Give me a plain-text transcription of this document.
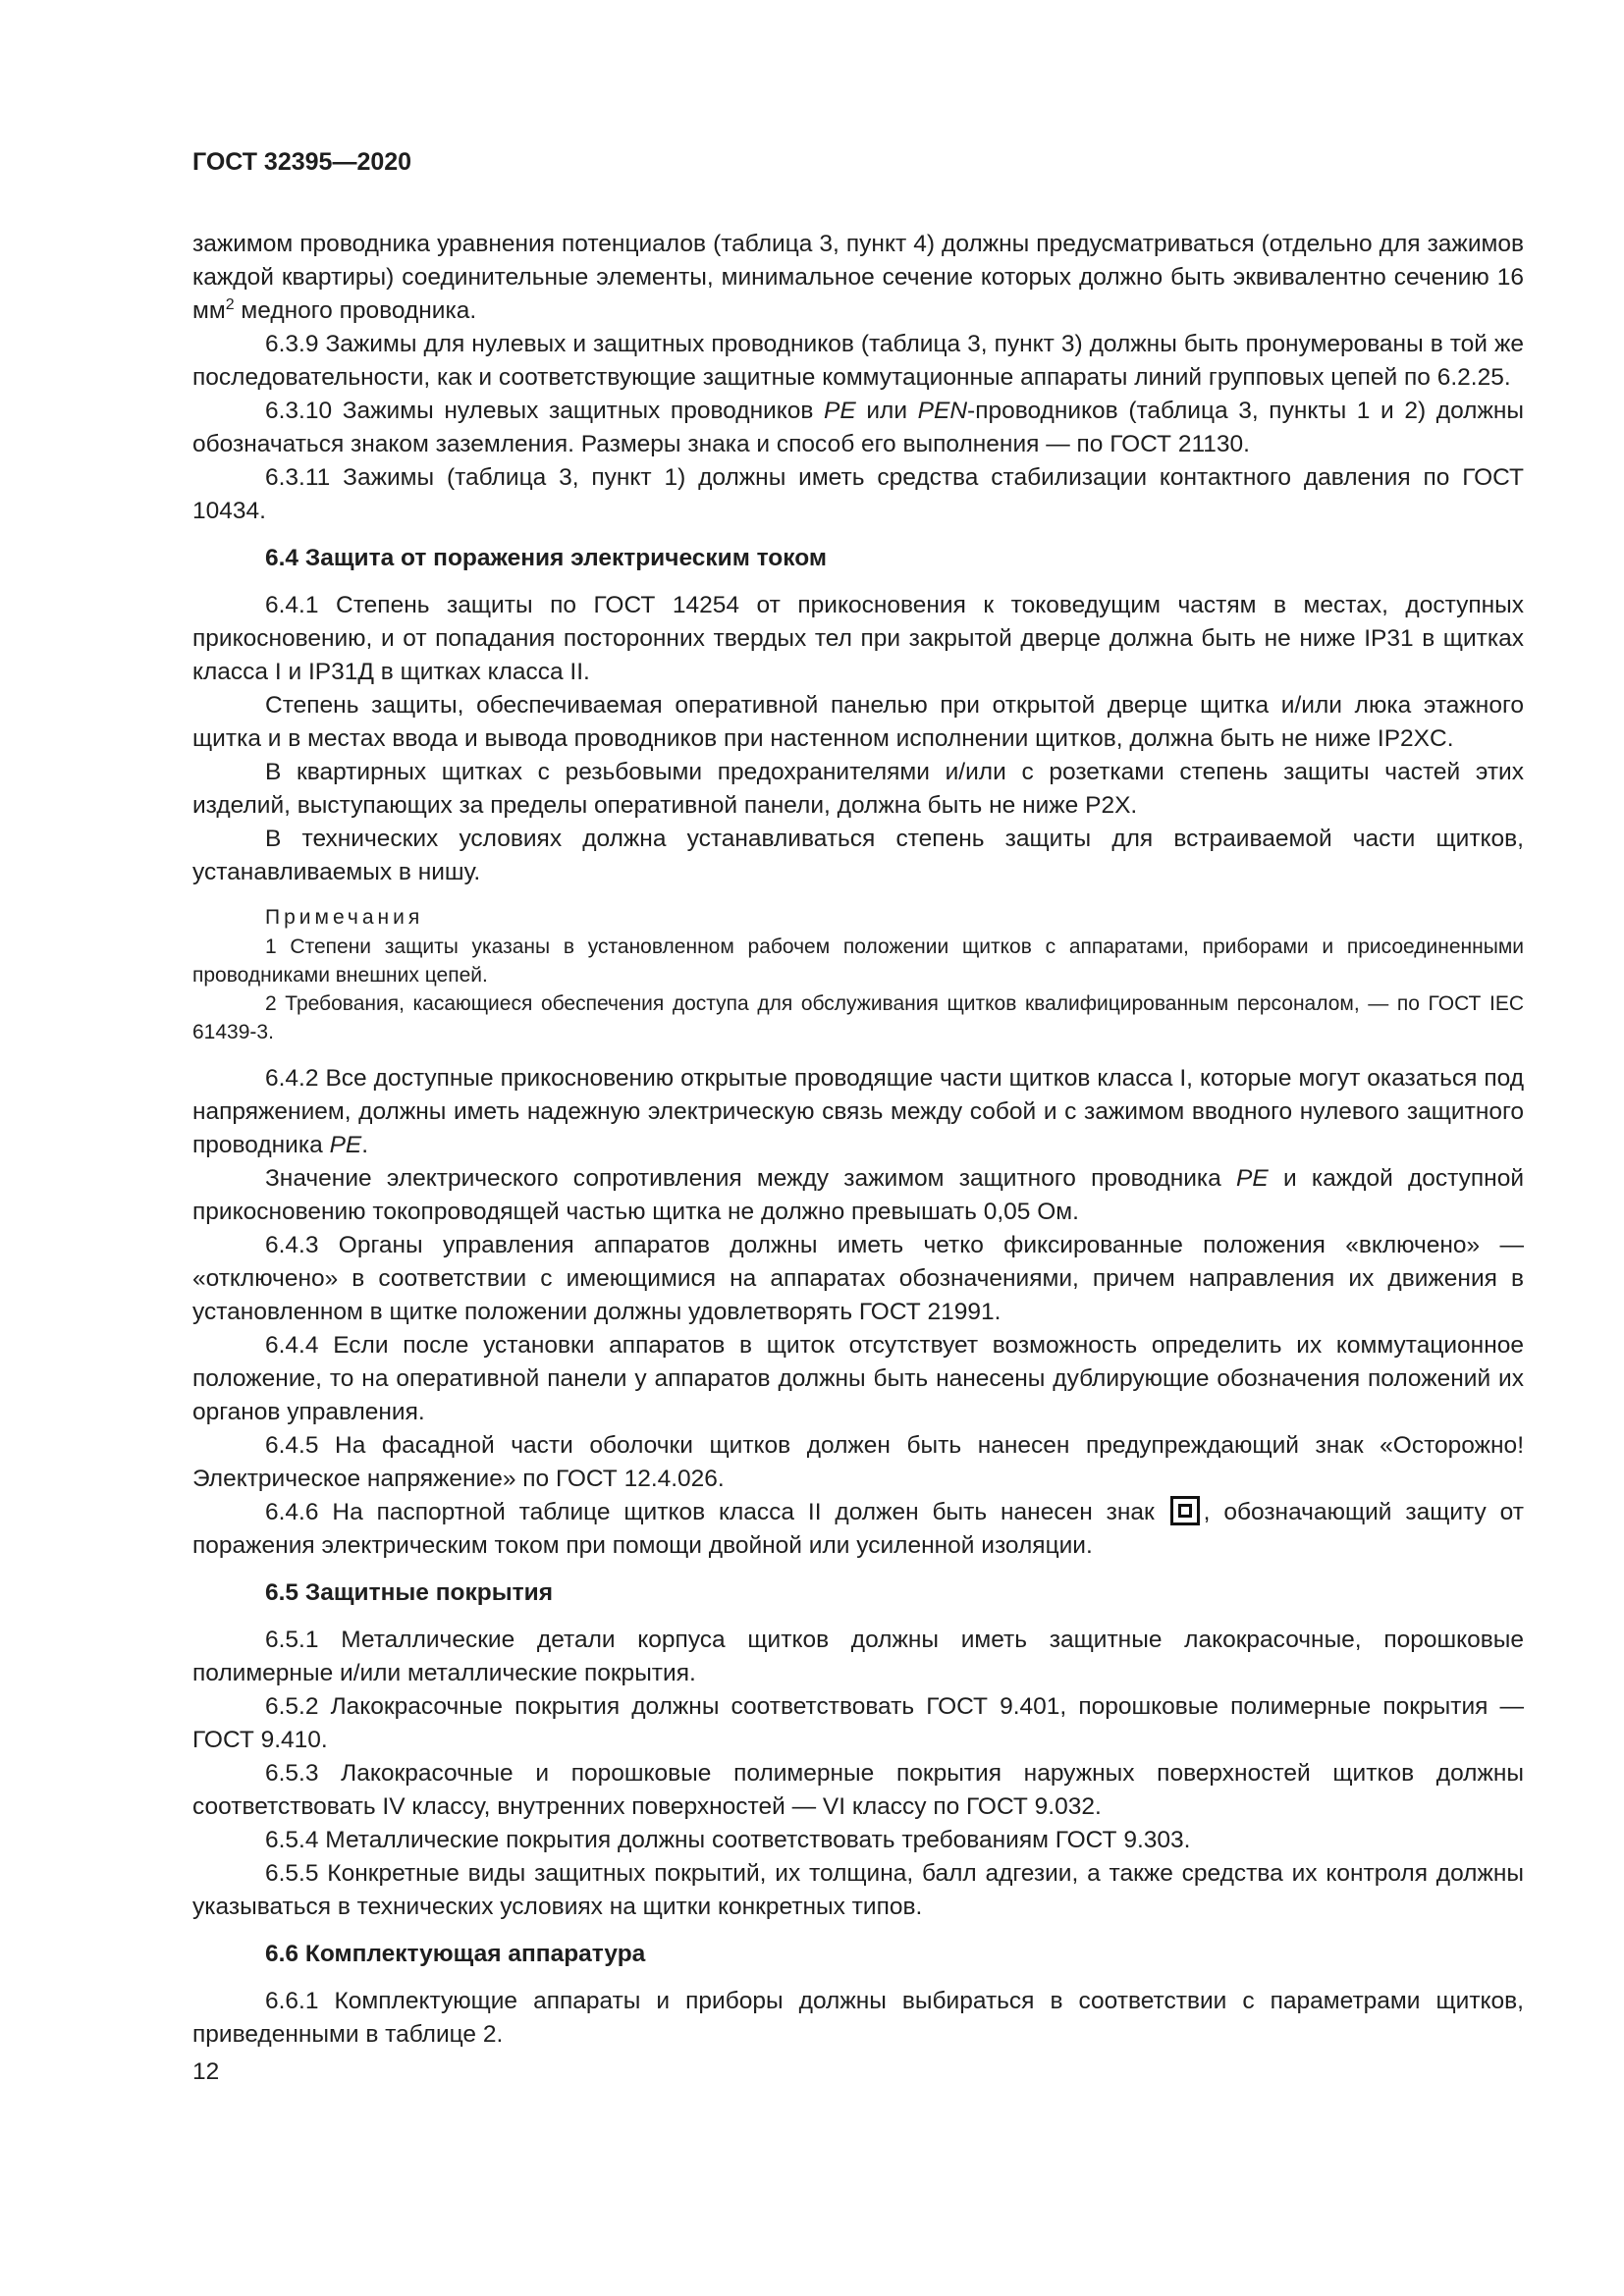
ГОСТ 32395—2020

зажимом проводника уравнения потенциалов (таблица 3, пункт 4) должны предусматриваться (отдельно для зажимов каждой квартиры) соединительные элементы, минимальное сечение которых должно быть эквивалентно сечению 16 $мм^2$ медного проводника.

6.3.9 Зажимы для нулевых и защитных проводников (таблица 3, пункт 3) должны быть пронумерованы в той же последовательности, как и соответствующие защитные коммутационные аппараты линий групповых цепей по 6.2.25.

6.3.10 Зажимы нулевых защитных проводников PE или PEN-проводников (таблица 3, пункты 1 и 2) должны обозначаться знаком заземления. Размеры знака и способ его выполнения — по ГОСТ 21130.

6.3.11 Зажимы (таблица 3, пункт 1) должны иметь средства стабилизации контактного давления по ГОСТ 10434.

6.4 Защита от поражения электрическим током

6.4.1 Степень защиты по ГОСТ 14254 от прикосновения к токоведущим частям в местах, доступных прикосновению, и от попадания посторонних твердых тел при закрытой дверце должна быть не ниже IP31 в щитках класса I и IP31Д в щитках класса II.

Степень защиты, обеспечиваемая оперативной панелью при открытой дверце щитка и/или люка этажного щитка и в местах ввода и вывода проводников при настенном исполнении щитков, должна быть не ниже IP2XC.

В квартирных щитках с резьбовыми предохранителями и/или с розетками степень защиты частей этих изделий, выступающих за пределы оперативной панели, должна быть не ниже Р2Х.

В технических условиях должна устанавливаться степень защиты для встраиваемой части щитков, устанавливаемых в нишу.

Примечания

1 Степени защиты указаны в установленном рабочем положении щитков с аппаратами, приборами и присоединенными проводниками внешних цепей.

2 Требования, касающиеся обеспечения доступа для обслуживания щитков квалифицированным персоналом, — по ГОСТ IEC 61439-3.

6.4.2 Все доступные прикосновению открытые проводящие части щитков класса I, которые могут оказаться под напряжением, должны иметь надежную электрическую связь между собой и с зажимом вводного нулевого защитного проводника PE.

Значение электрического сопротивления между зажимом защитного проводника PE и каждой доступной прикосновению токопроводящей частью щитка не должно превышать 0,05 Ом.

6.4.3 Органы управления аппаратов должны иметь четко фиксированные положения «включено» — «отключено» в соответствии с имеющимися на аппаратах обозначениями, причем направления их движения в установленном в щитке положении должны удовлетворять ГОСТ 21991.

6.4.4 Если после установки аппаратов в щиток отсутствует возможность определить их коммутационное положение, то на оперативной панели у аппаратов должны быть нанесены дублирующие обозначения положений их органов управления.

6.4.5 На фасадной части оболочки щитков должен быть нанесен предупреждающий знак «Осторожно! Электрическое напряжение» по ГОСТ 12.4.026.

6.4.6 На паспортной таблице щитков класса II должен быть нанесен знак , обозначающий защиту от поражения электрическим током при помощи двойной или усиленной изоляции.

6.5 Защитные покрытия

6.5.1 Металлические детали корпуса щитков должны иметь защитные лакокрасочные, порошковые полимерные и/или металлические покрытия.

6.5.2 Лакокрасочные покрытия должны соответствовать ГОСТ 9.401, порошковые полимерные покрытия — ГОСТ 9.410.

6.5.3 Лакокрасочные и порошковые полимерные покрытия наружных поверхностей щитков должны соответствовать IV классу, внутренних поверхностей — VI классу по ГОСТ 9.032.

6.5.4 Металлические покрытия должны соответствовать требованиям ГОСТ 9.303.

6.5.5 Конкретные виды защитных покрытий, их толщина, балл адгезии, а также средства их контроля должны указываться в технических условиях на щитки конкретных типов.

6.6 Комплектующая аппаратура

6.6.1 Комплектующие аппараты и приборы должны выбираться в соответствии с параметрами щитков, приведенными в таблице 2.

12
